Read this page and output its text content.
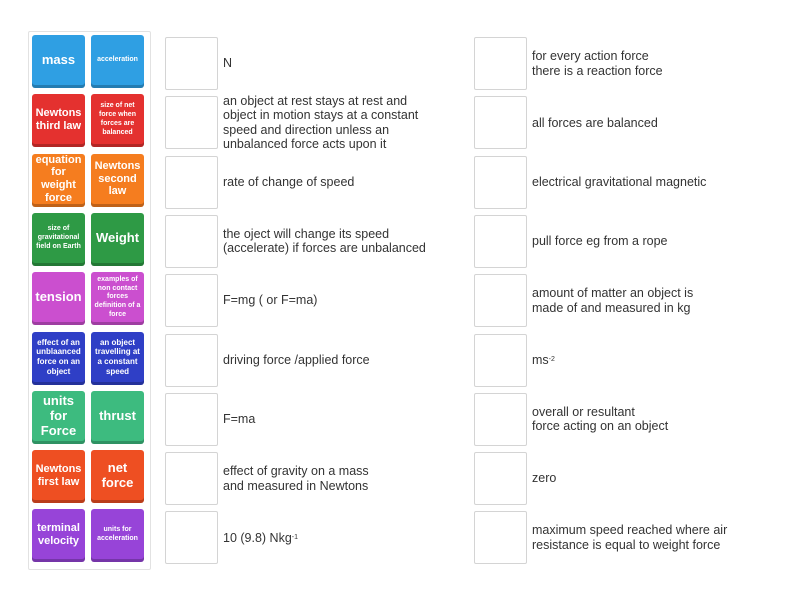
mass	acceleration
Newtons third law
size of net force when forces are balanced
equation for weight force
Newtons second law
size of gravitational field on Earth
Weight
tension
examples of non contact forces definition of a force
effect of an unblaanced force on an object
an object travelling at a constant speed
units for Force
thrust
Newtons first law
net force
terminal velocity
units for acceleration
N
an object at rest stays at rest and
object in motion stays at a constant
speed and direction unless an
unbalanced force acts upon it
rate of change of speed
the oject will change its speed
(accelerate) if forces are unbalanced
F=mg ( or F=ma)
driving force /applied force
F=ma
effect of gravity on a mass
and measured in Newtons
10 (9.8) Nkg -1
for every action force
there is a reaction force
all forces are balanced
electrical gravitational magnetic
pull force eg from a rope
amount of matter an object is
made of and measured in kg
ms -2
overall or resultant
force acting on an object
zero
maximum speed reached where air
resistance is equal to weight force
